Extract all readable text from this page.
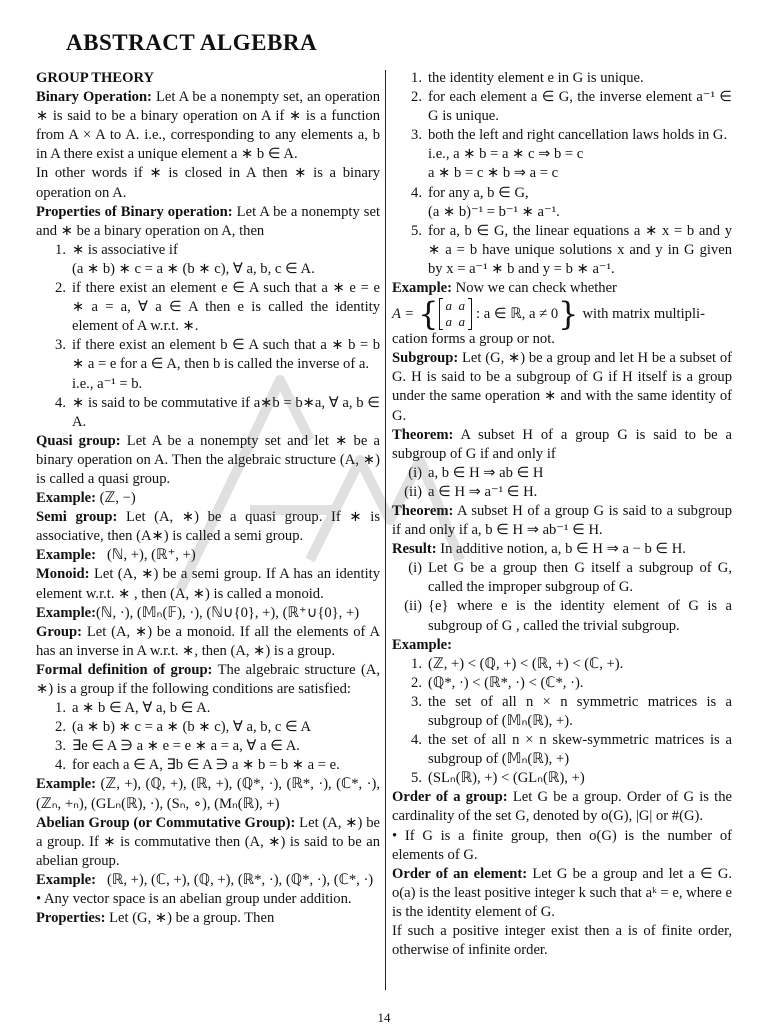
ABSTRACT ALGEBRA

GROUP THEORY

Binary Operation: Let A be a nonempty set, an operation ∗ is said to be a binary operation on A if ∗ is a function from A × A to A. i.e., corresponding to any elements a, b in A there exist a unique element a ∗ b ∈ A.

In other words if ∗ is closed in A then ∗ is a binary operation on A.

Properties of Binary operation: Let A be a nonempty set and ∗ be a binary operation on A, then

1. ∗ is associative if
(a ∗ b) ∗ c = a ∗ (b ∗ c), ∀ a, b, c ∈ A.
2. if there exist an element e ∈ A such that a ∗ e = e ∗ a = a, ∀ a ∈ A then e is called the identity element of A w.r.t. ∗.
3. if there exist an element b ∈ A such that a ∗ b = b ∗ a = e for a ∈ A, then b is called the inverse of a.
i.e., a⁻¹ = b.
4. ∗ is said to be commutative if a∗b = b∗a, ∀ a, b ∈ A.

Quasi group: Let A be a nonempty set and let ∗ be a binary operation on A. Then the algebraic structure (A, ∗) is called a quasi group.

Example: (ℤ, −)

Semi group: Let (A, ∗) be a quasi group. If ∗ is associative, then (A∗) is called a semi group.

Example: (ℕ, +), (ℝ⁺, +)

Monoid: Let (A, ∗) be a semi group. If A has an identity element w.r.t. ∗ , then (A, ∗) is called a monoid.

Example:(ℕ, ·), (𝕄ₙ(𝔽), ·), (ℕ∪{0}, +), (ℝ⁺∪{0}, +)

Group: Let (A, ∗) be a monoid. If all the elements of A has an inverse in A w.r.t. ∗, then (A, ∗) is a group.

Formal definition of group: The algebraic structure (A, ∗) is a group if the following conditions are satisfied:

1. a ∗ b ∈ A, ∀ a, b ∈ A.
2. (a ∗ b) ∗ c = a ∗ (b ∗ c), ∀ a, b, c ∈ A
3. ∃e ∈ A ∋ a ∗ e = e ∗ a = a, ∀ a ∈ A.
4. for each a ∈ A, ∃b ∈ A ∋ a ∗ b = b ∗ a = e.

Example: (ℤ, +), (ℚ, +), (ℝ, +), (ℚ*, ·), (ℝ*, ·), (ℂ*, ·), (ℤₙ, +ₙ), (GLₙ(ℝ), ·), (Sₙ, ∘), (Mₙ(ℝ), +)

Abelian Group (or Commutative Group): Let (A, ∗) be a group. If ∗ is commutative then (A, ∗) is said to be an abelian group.

Example: (ℝ, +), (ℂ, +), (ℚ, +), (ℝ*, ·), (ℚ*, ·), (ℂ*, ·)

• Any vector space is an abelian group under addition.

Properties: Let (G, ∗) be a group. Then

1. the identity element e in G is unique.
2. for each element a ∈ G, the inverse element a⁻¹ ∈ G is unique.
3. both the left and right cancellation laws holds in G.
i.e., a ∗ b = a ∗ c ⇒ b = c
a ∗ b = c ∗ b ⇒ a = c
4. for any a, b ∈ G,
(a ∗ b)⁻¹ = b⁻¹ ∗ a⁻¹.
5. for a, b ∈ G, the linear equations a ∗ x = b and y ∗ a = b have unique solutions x and y in G given by x = a⁻¹ ∗ b and y = b ∗ a⁻¹.

Example: Now we can check whether

A = { a a
a a
: a ∈ ℝ, a ≠ 0 } with matrix multipli-

cation forms a group or not.

Subgroup: Let (G, ∗) be a group and let H be a subset of G. H is said to be a subgroup of G if H itself is a group under the same operation ∗ and with the same identity of G.

Theorem: A subset H of a group G is said to be a subgroup of G if and only if

(i) a, b ∈ H ⇒ ab ∈ H
(ii) a ∈ H ⇒ a⁻¹ ∈ H.

Theorem: A subset H of a group G is said to a subgroup if and only if a, b ∈ H ⇒ ab⁻¹ ∈ H.

Result: In additive notion, a, b ∈ H ⇒ a − b ∈ H.

(i) Let G be a group then G itself a subgroup of G, called the improper subgroup of G.
(ii) {e} where e is the identity element of G is a subgroup of G , called the trivial subgroup.

Example:

1. (ℤ, +) < (ℚ, +) < (ℝ, +) < (ℂ, +).
2. (ℚ*, ·) < (ℝ*, ·) < (ℂ*, ·).
3. the set of all n × n symmetric matrices is a subgroup of (𝕄ₙ(ℝ), +).
4. the set of all n × n skew-symmetric matrices is a subgroup of (𝕄ₙ(ℝ), +)
5. (SLₙ(ℝ), +) < (GLₙ(ℝ), +)

Order of a group: Let G be a group. Order of G is the cardinality of the set G, denoted by o(G), |G| or #(G).

• If G is a finite group, then o(G) is the number of elements of G.

Order of an element: Let G be a group and let a ∈ G. o(a) is the least positive integer k such that aᵏ = e, where e is the identity element of G.

If such a positive integer exist then a is of finite order, otherwise of infinite order.

14
